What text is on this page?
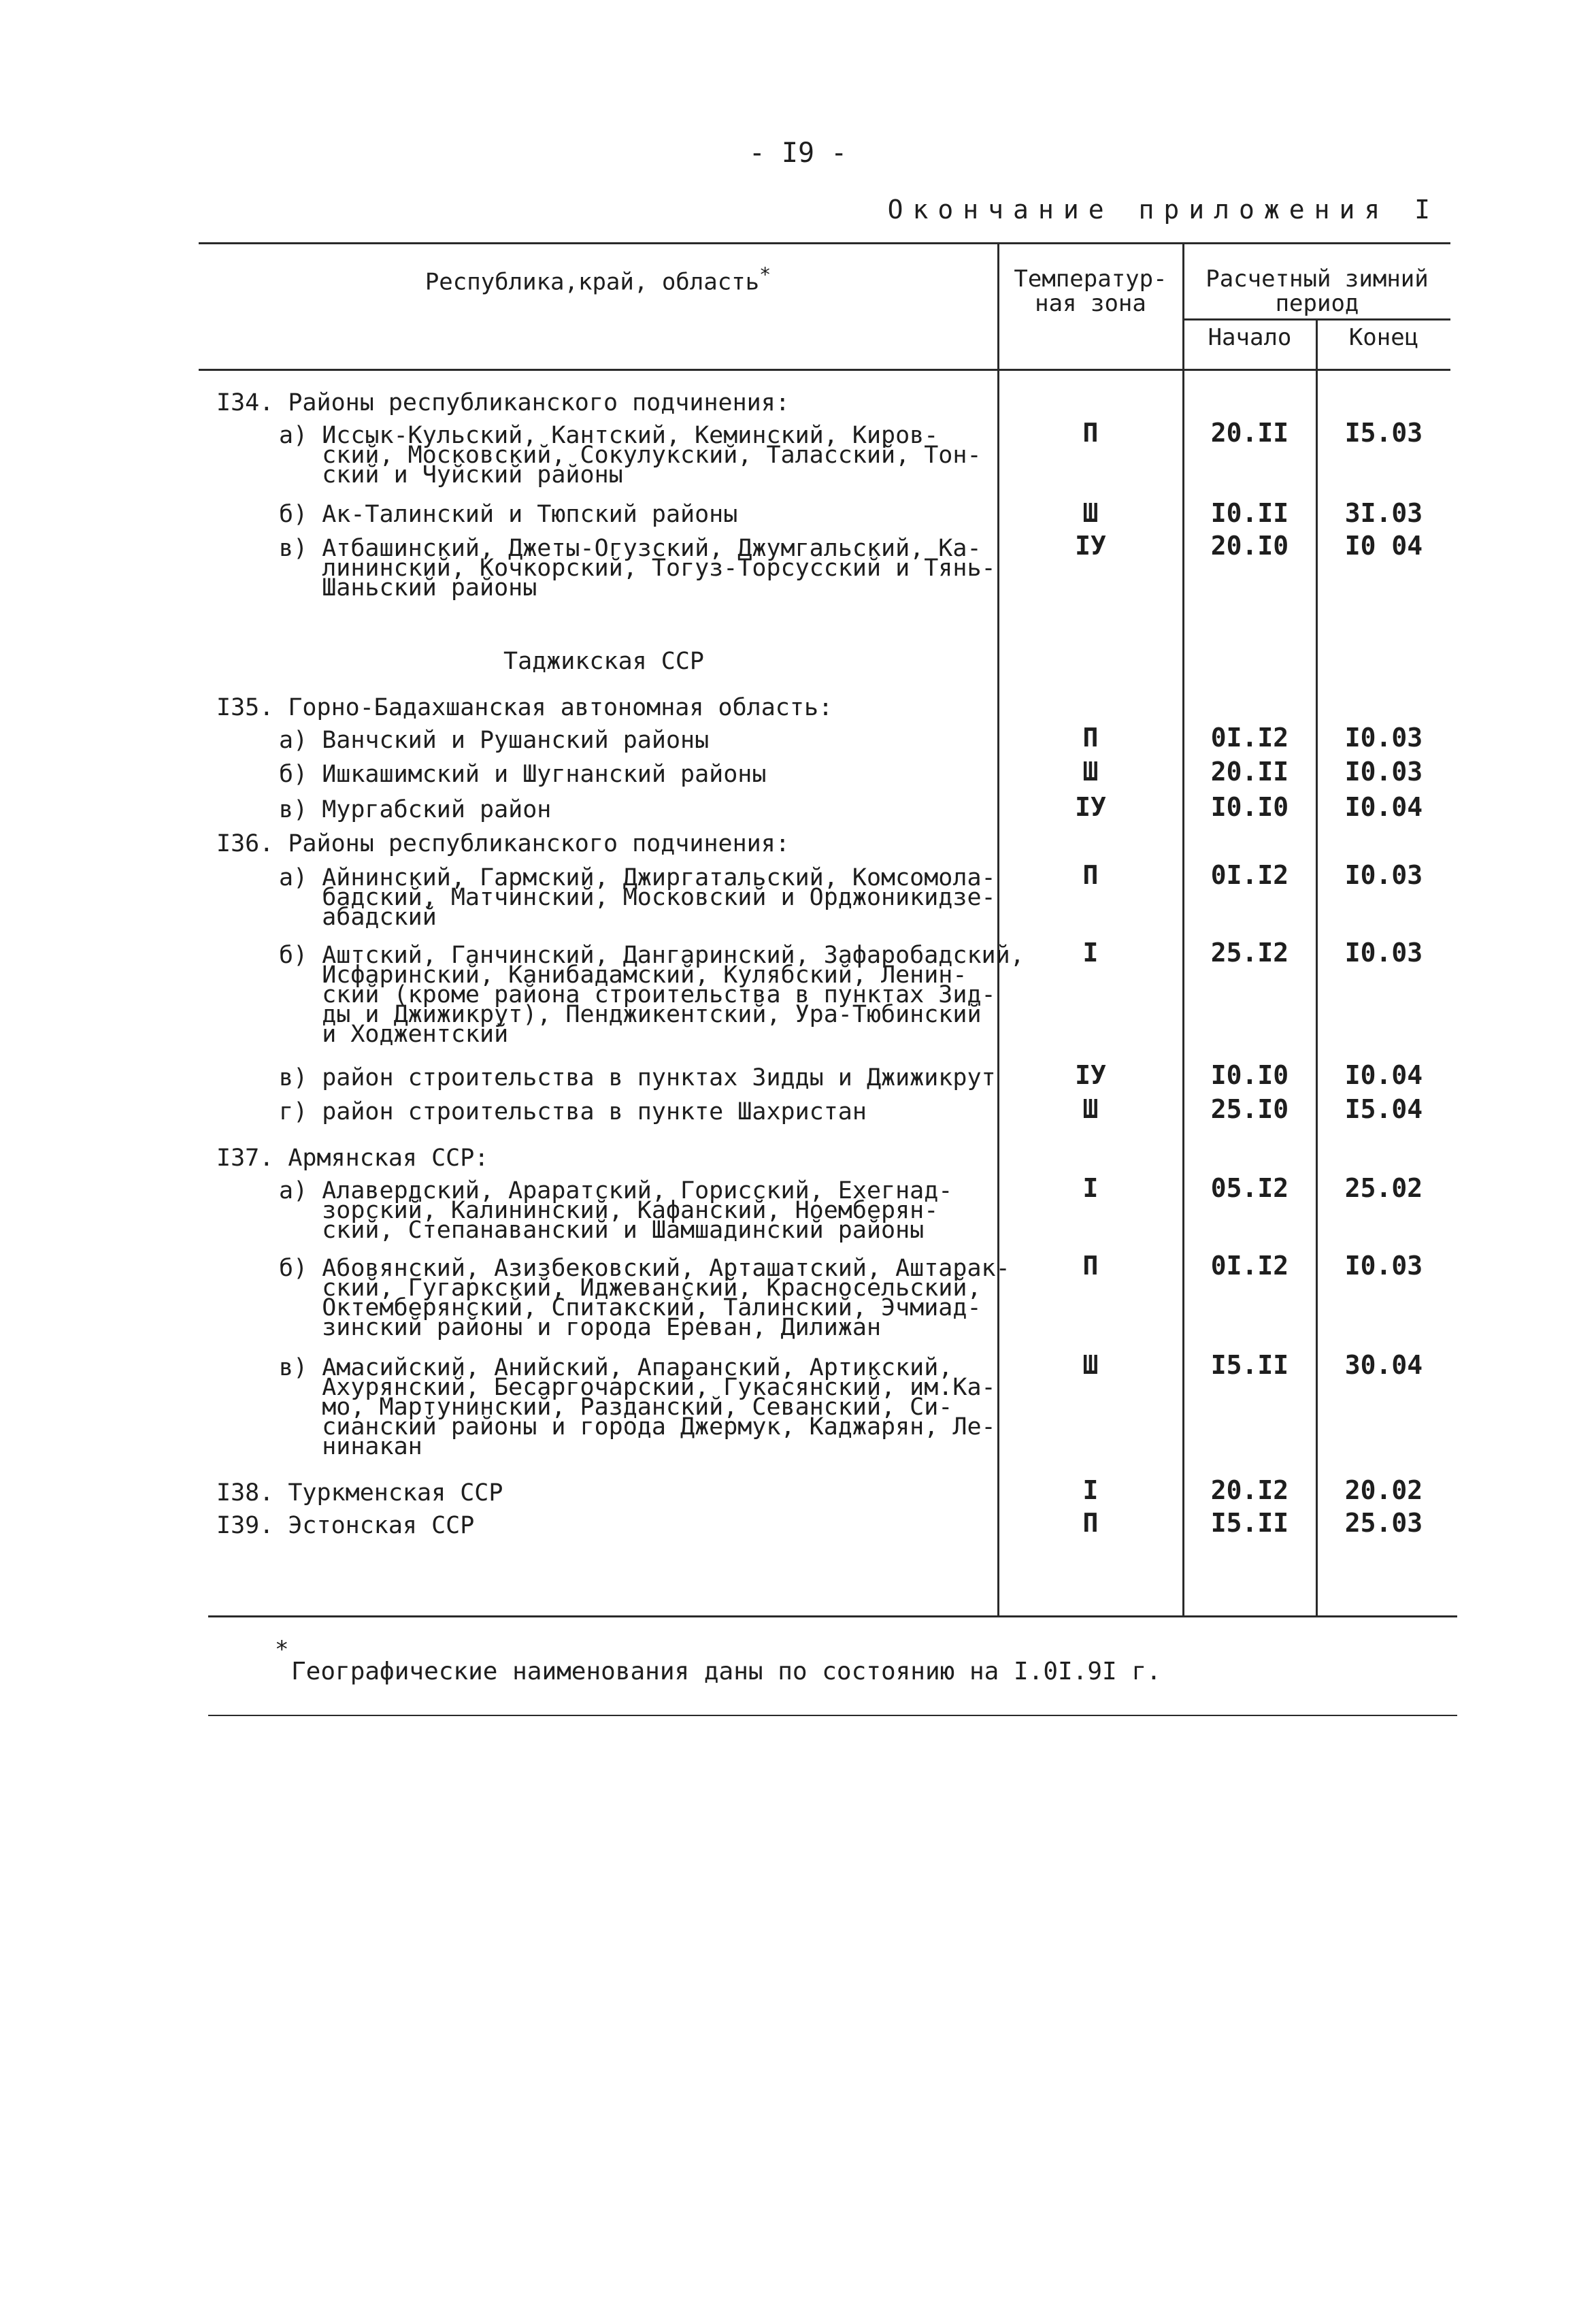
- I9 -
Окончание приложения I
Республика,край, область*	Температур-
ная зона
Расчетный зимний
период
Начало	Конец
I34. Районы республиканского подчинения:
а) Иссык-Кульский, Кантский, Кеминский, Киров-
ский, Московский, Сокулукский, Таласский, Тон-
ский и Чуйский районы
П	20.II	I5.03
б) Ак-Талинский и Тюпский районы	Ш	I0.II	3I.03
в) Атбашинский, Джеты-Огузский, Джумгальский, Ка-
лининский, Кочкорский, Тогуз-Торсусский и Тянь-
Шаньский районы
IУ	20.I0	I0 04
Таджикская ССР
I35. Горно-Бадахшанская автономная область:
а) Ванчский и Рушанский районы	П	0I.I2	I0.03
б) Ишкашимский и Шугнанский районы	Ш	20.II	I0.03
в) Мургабский район	IУ	I0.I0	I0.04
I36. Районы республиканского подчинения:
а) Айнинский, Гармский, Джиргатальский, Комсомола-
бадский, Матчинский, Московский и Орджоникидзе-
абадский
П	0I.I2	I0.03
б) Аштский, Ганчинский, Дангаринский, Зафаробадский,
Исфаринский, Канибадамский, Кулябский, Ленин-
ский (кроме района строительства в пунктах Зид-
ды и Джижикрут), Пенджикентский, Ура-Тюбинский
и Ходжентский
I	25.I2	I0.03
в) район строительства в пунктах Зидды и Джижикрут	IУ	I0.I0	I0.04
г) район строительства в пункте Шахристан	Ш	25.I0	I5.04
I37. Армянская ССР:
а) Алавердский, Араратский, Горисский, Ехегнад-
зорский, Калининский, Кафанский, Ноемберян-
ский, Степанаванский и Шамшадинский районы
I	05.I2	25.02
б) Абовянский, Азизбековский, Арташатский, Аштарак-
ский, Гугаркский, Иджеванский, Красносельский,
Октемберянский, Спитакский, Талинский, Эчмиад-
зинский районы и города Ереван, Дилижан
П	0I.I2	I0.03
в) Амасийский, Анийский, Апаранский, Артикский,
Ахурянский, Бесаргочарский, Гукасянский, им.Ка-
мо, Мартунинский, Разданский, Севанский, Си-
сианский районы и города Джермук, Каджарян, Ле-
нинакан
Ш	I5.II	30.04
I38. Туркменская ССР	I	20.I2	20.02
I39. Эстонская ССР	П	I5.II	25.03
*
Географические наименования даны по состоянию на I.0I.9I г.
